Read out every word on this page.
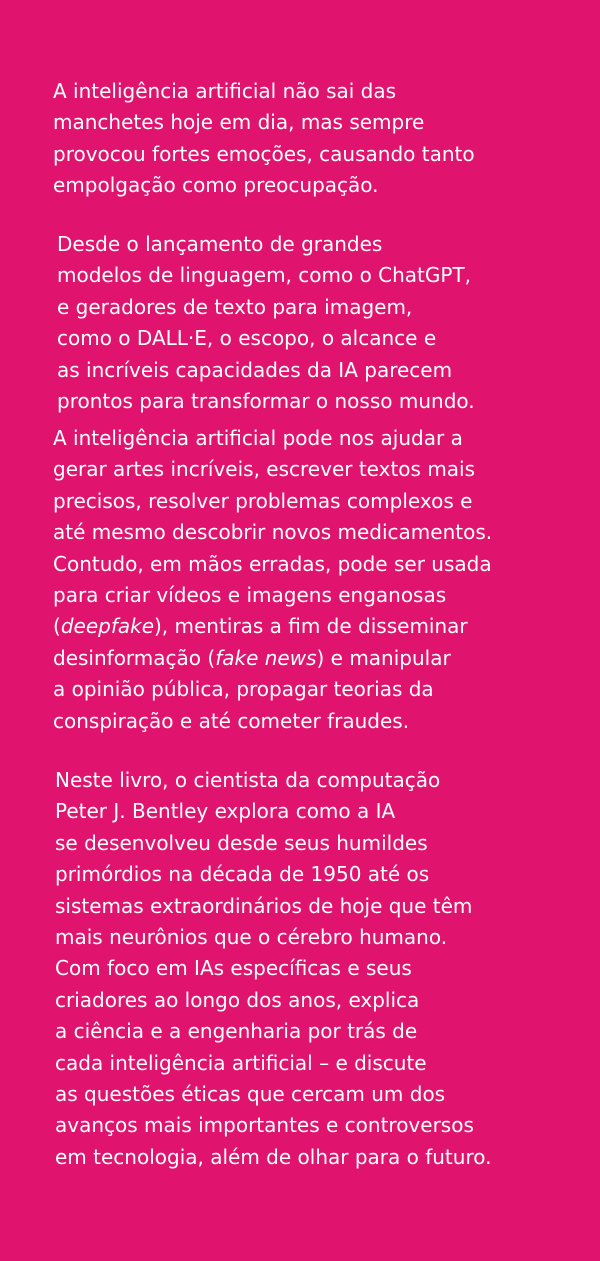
A inteligência artificial não sai das
manchetes hoje em dia, mas sempre
provocou fortes emoções, causando tanto
empolgação como preocupação.

Desde o lançamento de grandes
modelos de linguagem, como o ChatGPT,
e geradores de texto para imagem,
como o DALL·E, o escopo, o alcance e
as incríveis capacidades da IA parecem
prontos para transformar o nosso mundo.

A inteligência artificial pode nos ajudar a
gerar artes incríveis, escrever textos mais
precisos, resolver problemas complexos e
até mesmo descobrir novos medicamentos.
Contudo, em mãos erradas, pode ser usada
para criar vídeos e imagens enganosas
(deepfake), mentiras a fim de disseminar
desinformação (fake news) e manipular
a opinião pública, propagar teorias da
conspiração e até cometer fraudes.

Neste livro, o cientista da computação
Peter J. Bentley explora como a IA
se desenvolveu desde seus humildes
primórdios na década de 1950 até os
sistemas extraordinários de hoje que têm
mais neurônios que o cérebro humano.
Com foco em IAs específicas e seus
criadores ao longo dos anos, explica
a ciência e a engenharia por trás de
cada inteligência artificial – e discute
as questões éticas que cercam um dos
avanços mais importantes e controversos
em tecnologia, além de olhar para o futuro.
